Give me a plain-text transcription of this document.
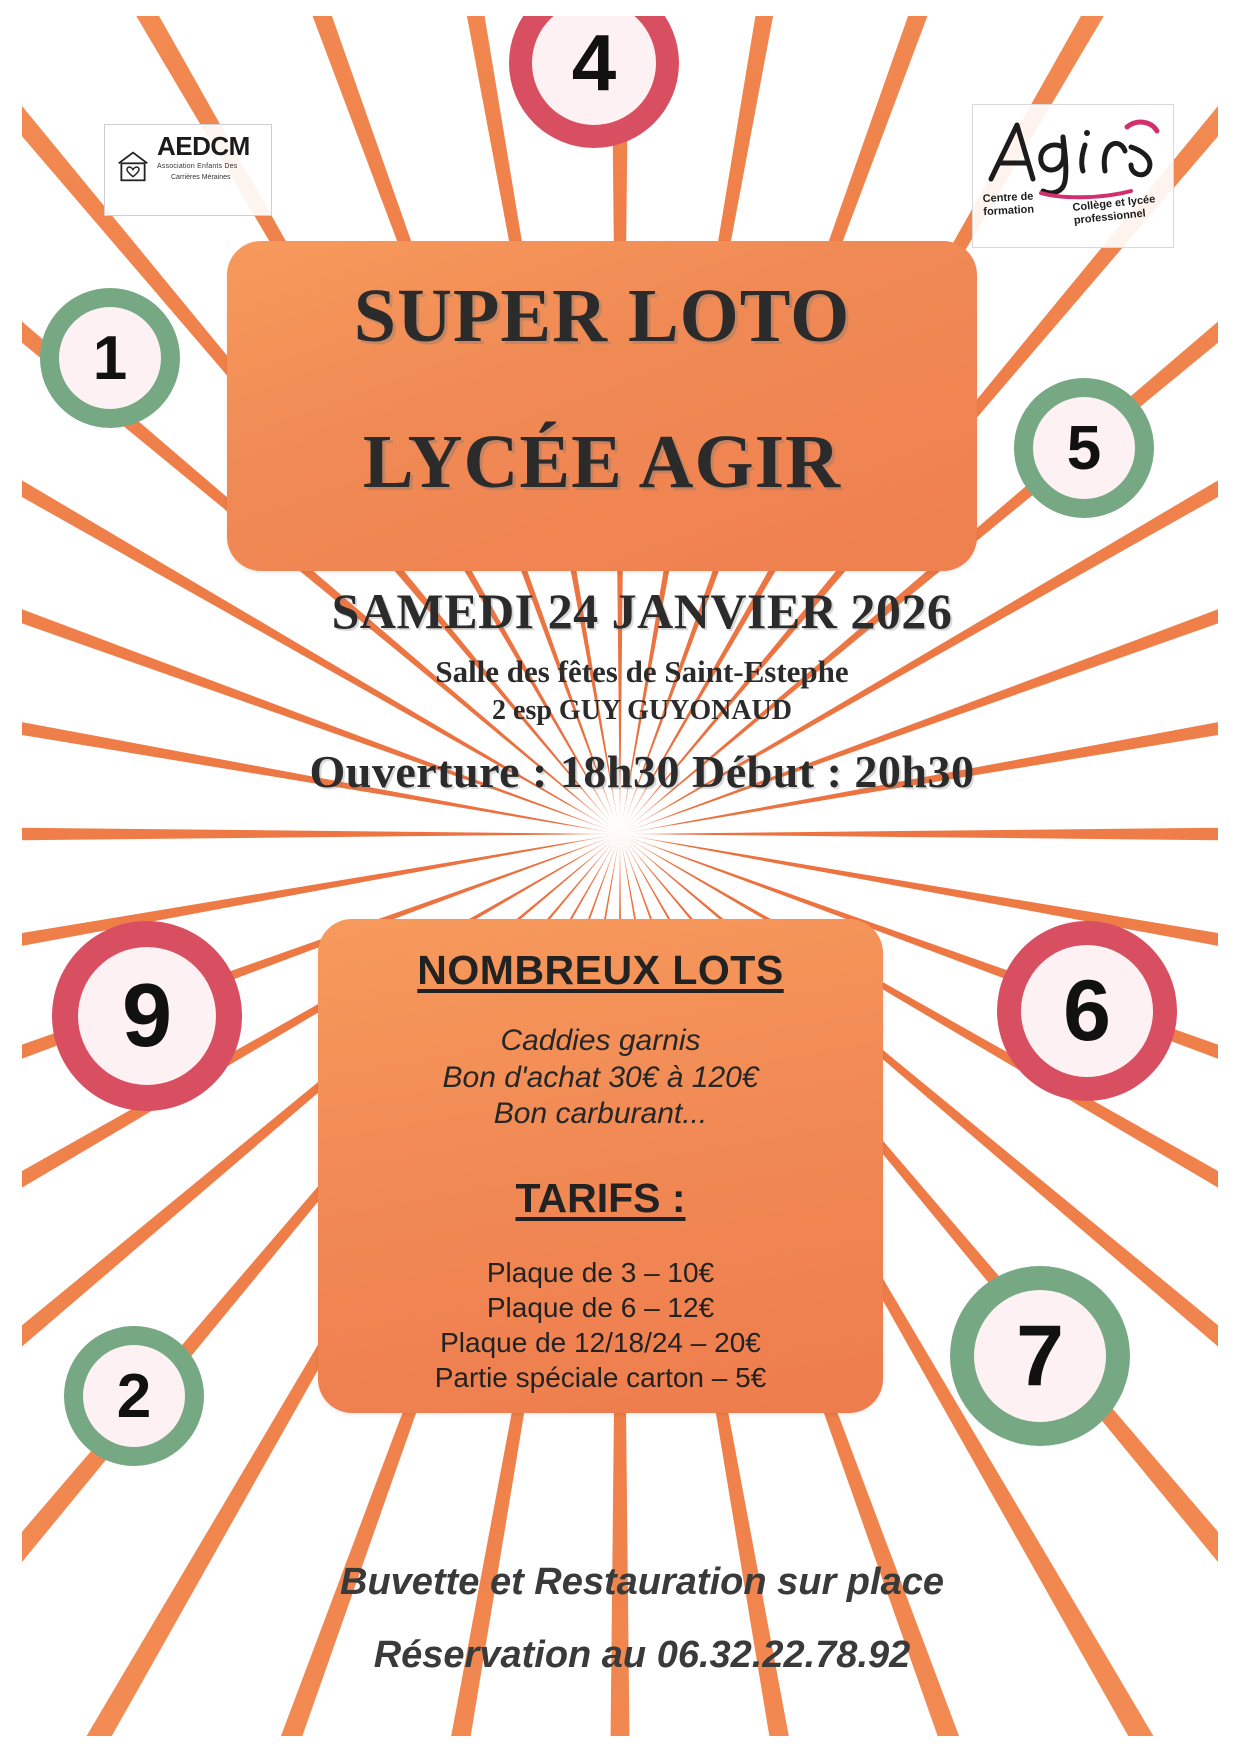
AEDCM
Association Enfants Des
Carrières Méraines
Centre de formation	Collège et lycée professionnel
4
1
5
9	6
7
2
SUPER LOTO
LYCÉE AGIR
SAMEDI 24 JANVIER 2026
Salle des fêtes de Saint-Estephe
2 esp GUY GUYONAUD
Ouverture : 18h30 Début : 20h30
NOMBREUX LOTS
Caddies garnis
Bon d'achat 30€ à 120€
Bon carburant...
TARIFS :
Plaque de 3 – 10€
Plaque de 6 – 12€
Plaque de 12/18/24 – 20€
Partie spéciale carton – 5€
Buvette et Restauration sur place
Réservation au 06.32.22.78.92
